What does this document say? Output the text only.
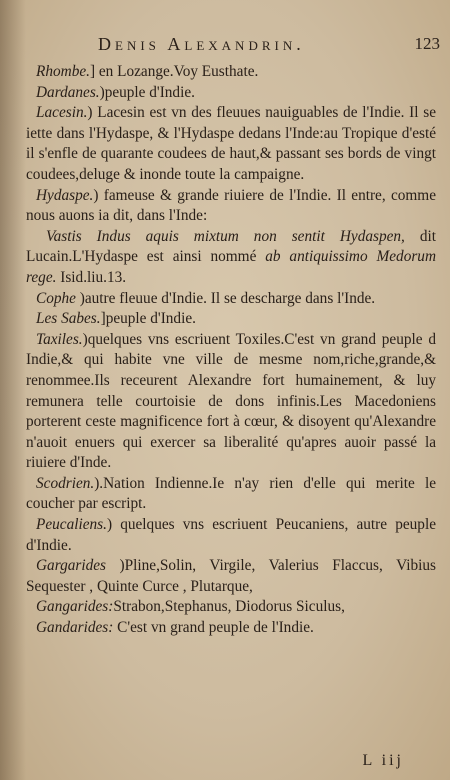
Denis Alexandrin.	123

Rhombe.] en Lozange.Voy Eusthate.

Dardanes.)peuple d'Indie.

Lacesin.) Lacesin est vn des fleuues nauiguables de l'Indie. Il se iette dans l'Hydaspe, & l'Hydaspe dedans l'Inde:au Tropique d'esté il s'enfle de quarante coudees de haut,& passant ses bords de vingt coudees,deluge & inonde toute la campaigne.

Hydaspe.) fameuse & grande riuiere de l'Indie. Il entre, comme nous auons ia dit, dans l'Inde:

Vastis Indus aquis mixtum non sentit Hydaspen, dit Lucain.L'Hydaspe est ainsi nommé ab antiquissimo Medorum rege. Isid.liu.13.

Cophe )autre fleuue d'Indie. Il se descharge dans l'Inde.

Les Sabes.]peuple d'Indie.

Taxiles.)quelques vns escriuent Toxiles.C'est vn grand peuple d Indie,& qui habite vne ville de mesme nom,riche,grande,& renommee.Ils receurent Alexandre fort humainement, & luy remunera telle courtoisie de dons infinis.Les Macedoniens porterent ceste magnificence fort à cœur, & disoyent qu'Alexandre n'auoit enuers qui exercer sa liberalité qu'apres auoir passé la riuiere d'Inde.

Scodrien.).Nation Indienne.Ie n'ay rien d'elle qui merite le coucher par escript.

Peucaliens.) quelques vns escriuent Peucaniens, autre peuple d'Indie.

Gargarides )Pline,Solin, Virgile, Valerius Flaccus, Vibius Sequester , Quinte Curce , Plutarque,

Gangarides:Strabon,Stephanus, Diodorus Siculus,

Gandarides: C'est vn grand peuple de l'Indie.

L iij
